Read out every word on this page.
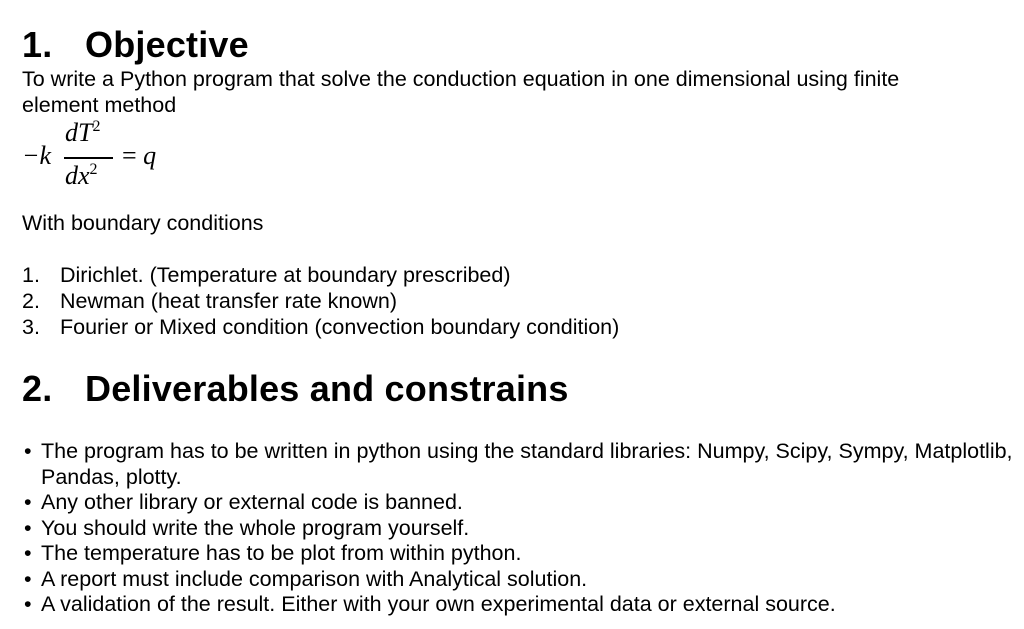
1. Objective
To write a Python program that solve the conduction equation in one dimensional using finite
element method
−k
$dT^2$
$dx^2 = q$
With boundary conditions
1. Dirichlet. (Temperature at boundary prescribed)
2. Newman (heat transfer rate known)
3. Fourier or Mixed condition (convection boundary condition)
2. Deliverables and constrains
• The program has to be written in python using the standard libraries: Numpy, Scipy, Sympy, Matplotlib, Pandas, plotty.
• Any other library or external code is banned.
• You should write the whole program yourself.
• The temperature has to be plot from within python.
• A report must include comparison with Analytical solution.
• A validation of the result. Either with your own experimental data or external source.
